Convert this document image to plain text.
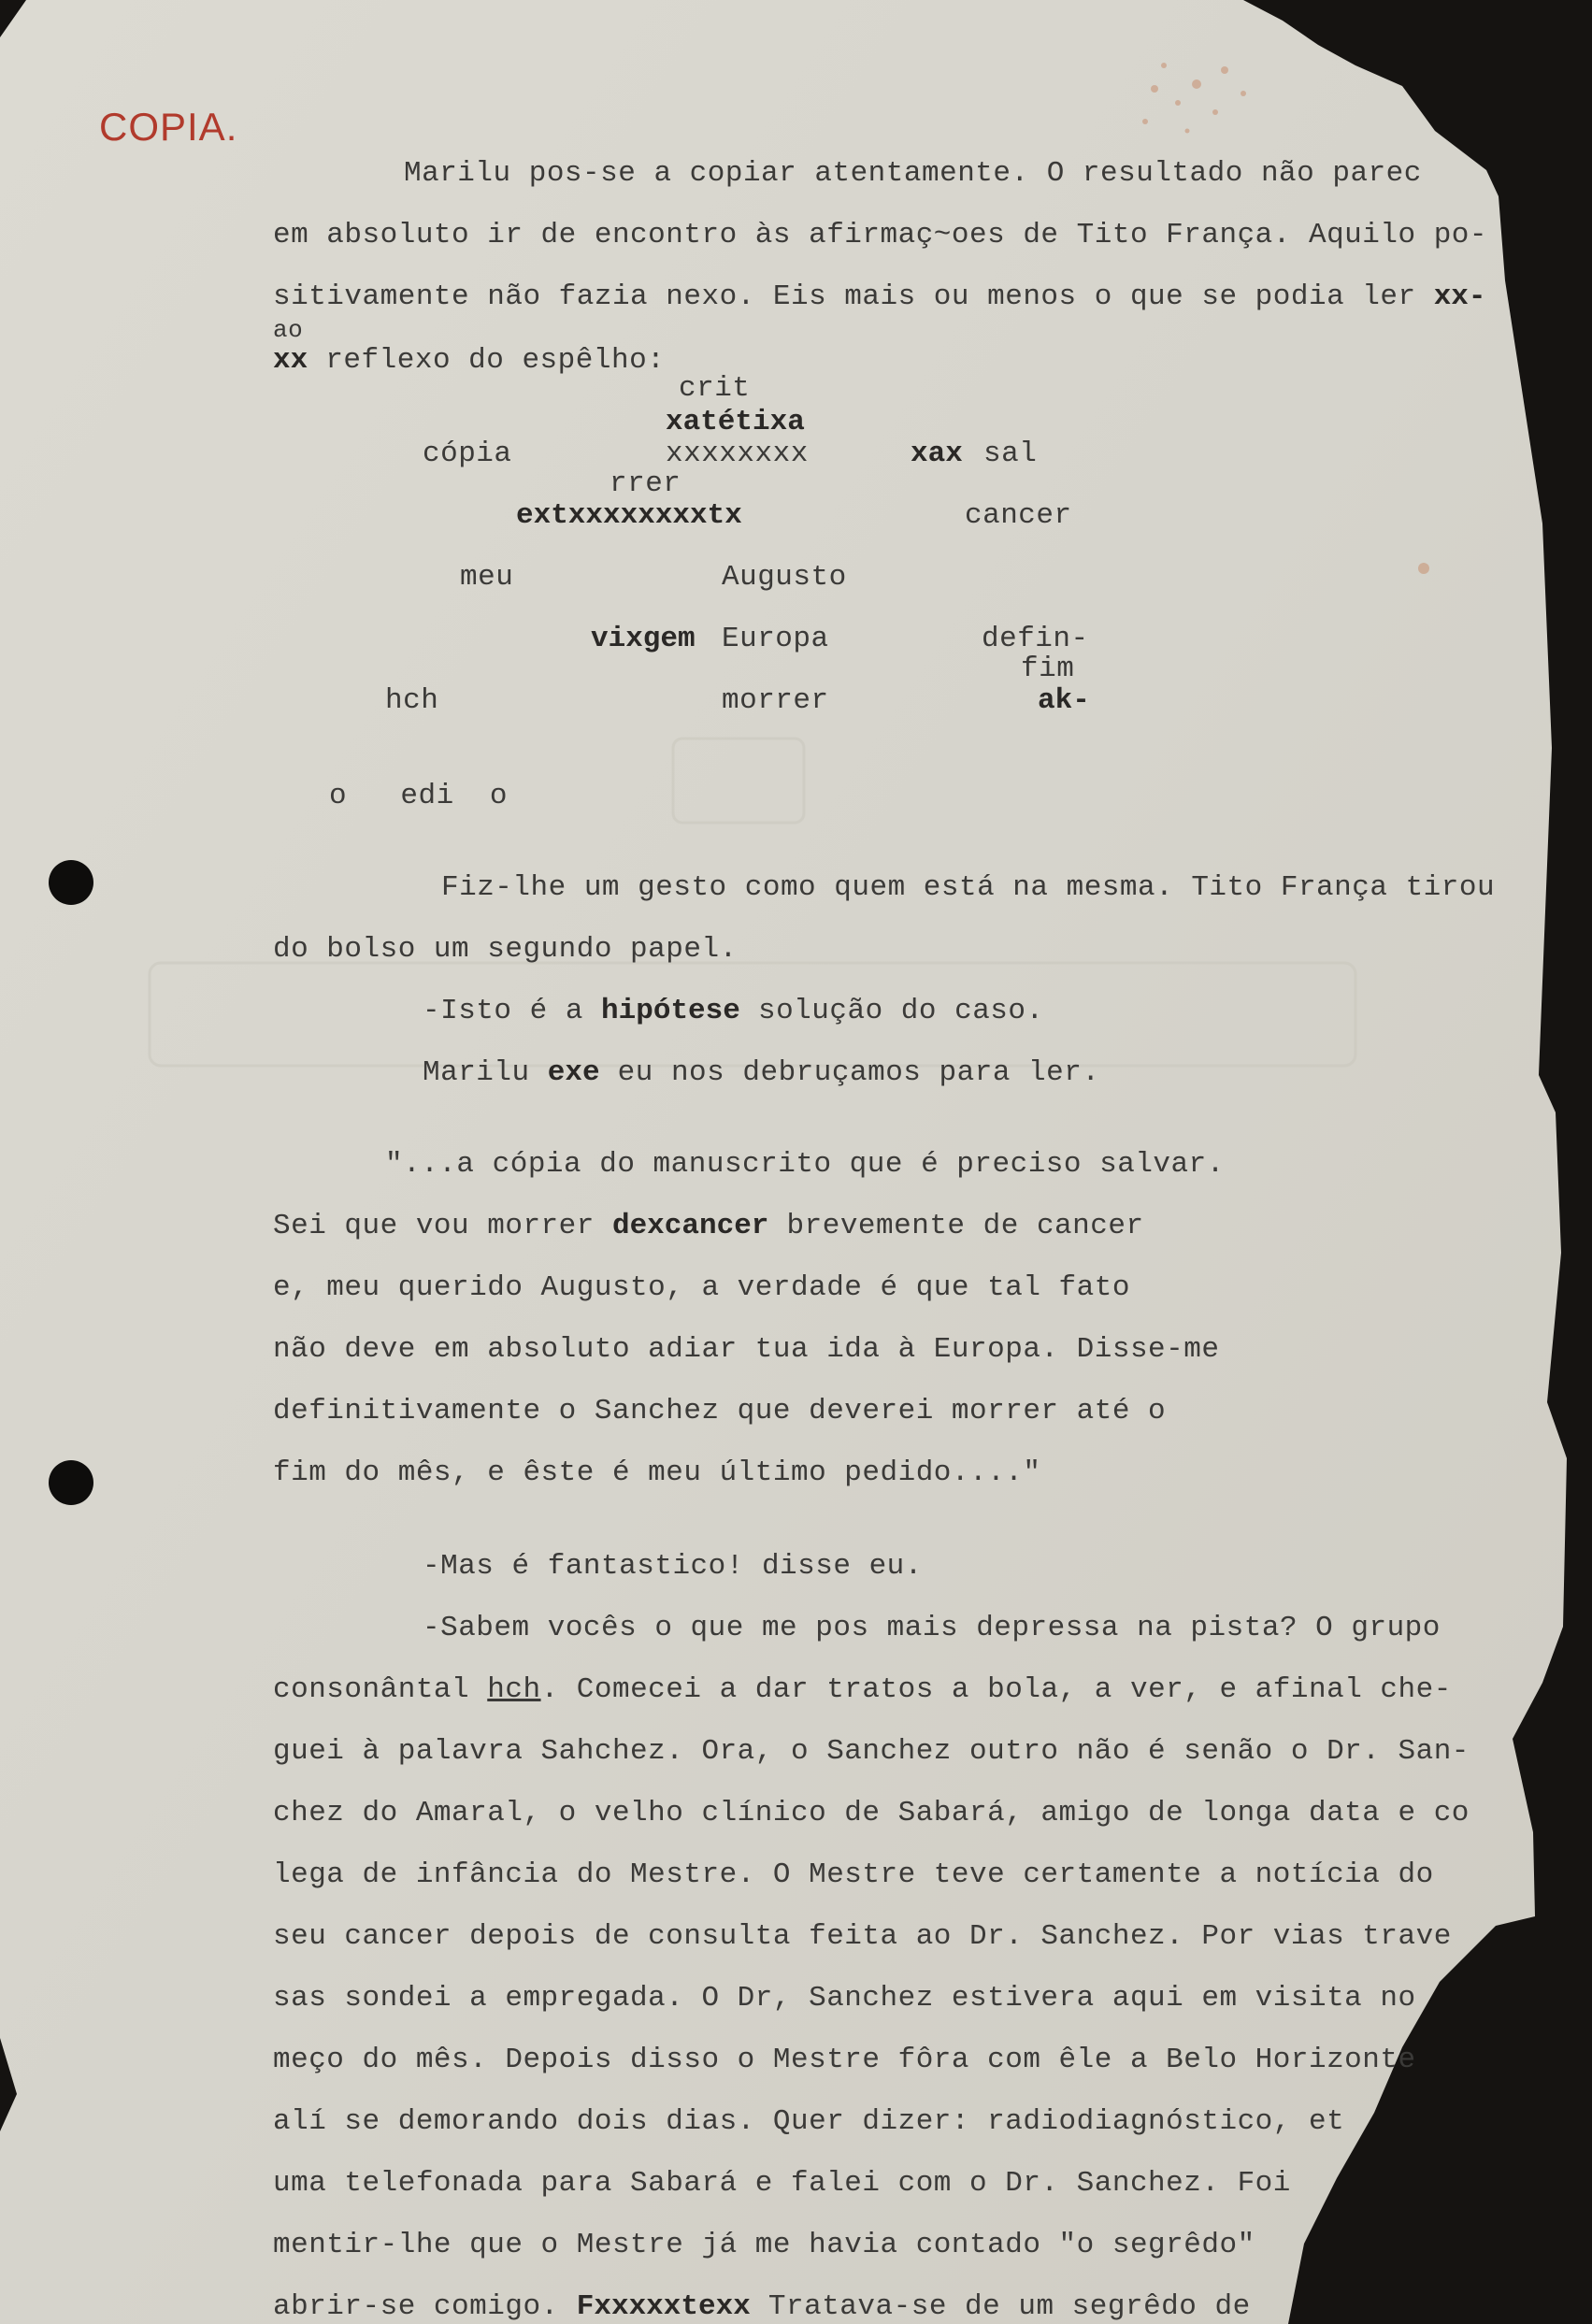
COPIA.
Marilu pos-se a copiar atentamente. O resultado não parec
em absoluto ir de encontro às afirmaç~oes de Tito França. Aquilo po-
sitivamente não fazia nexo. Eis mais ou menos o que se podia ler xx-
ao
xx reflexo do espêlho:
crit
xatétixa
xxxxxxxx
cópia	xax sal
rrer
extxxxxxxxxtx	cancer
meu	Augusto
vixgem Europa	defin-
fim
hch	morrer	ak-
o   edi  o
Fiz-lhe um gesto como quem está na mesma. Tito França tirou
do bolso um segundo papel.
-Isto é a hipótese solução do caso.
Marilu exe eu nos debruçamos para ler.
"...a cópia do manuscrito que é preciso salvar.
Sei que vou morrer dexcancer brevemente de cancer
e, meu querido Augusto, a verdade é que tal fato
não deve em absoluto adiar tua ida à Europa. Disse-me
definitivamente o Sanchez que deverei morrer até o
fim do mês, e êste é meu último pedido...."
-Mas é fantastico! disse eu.
-Sabem vocês o que me pos mais depressa na pista? O grupo
consonântal hch. Comecei a dar tratos a bola, a ver, e afinal che-
guei à palavra Sahchez. Ora, o Sanchez outro não é senão o Dr. San-
chez do Amaral, o velho clínico de Sabará, amigo de longa data e co
lega de infância do Mestre. O Mestre teve certamente a notícia do
seu cancer depois de consulta feita ao Dr. Sanchez. Por vias trave
sas sondei a empregada. O Dr, Sanchez estivera aqui em visita no
meço do mês. Depois disso o Mestre fôra com êle a Belo Horizonte
alí se demorando dois dias. Quer dizer: radiodiagnóstico, et
uma telefonada para Sabará e falei com o Dr. Sanchez. Foi
mentir-lhe que o Mestre já me havia contado "o segrêdo"
abrir-se comigo. Fxxxxxtexx Tratava-se de um segrêdo de
